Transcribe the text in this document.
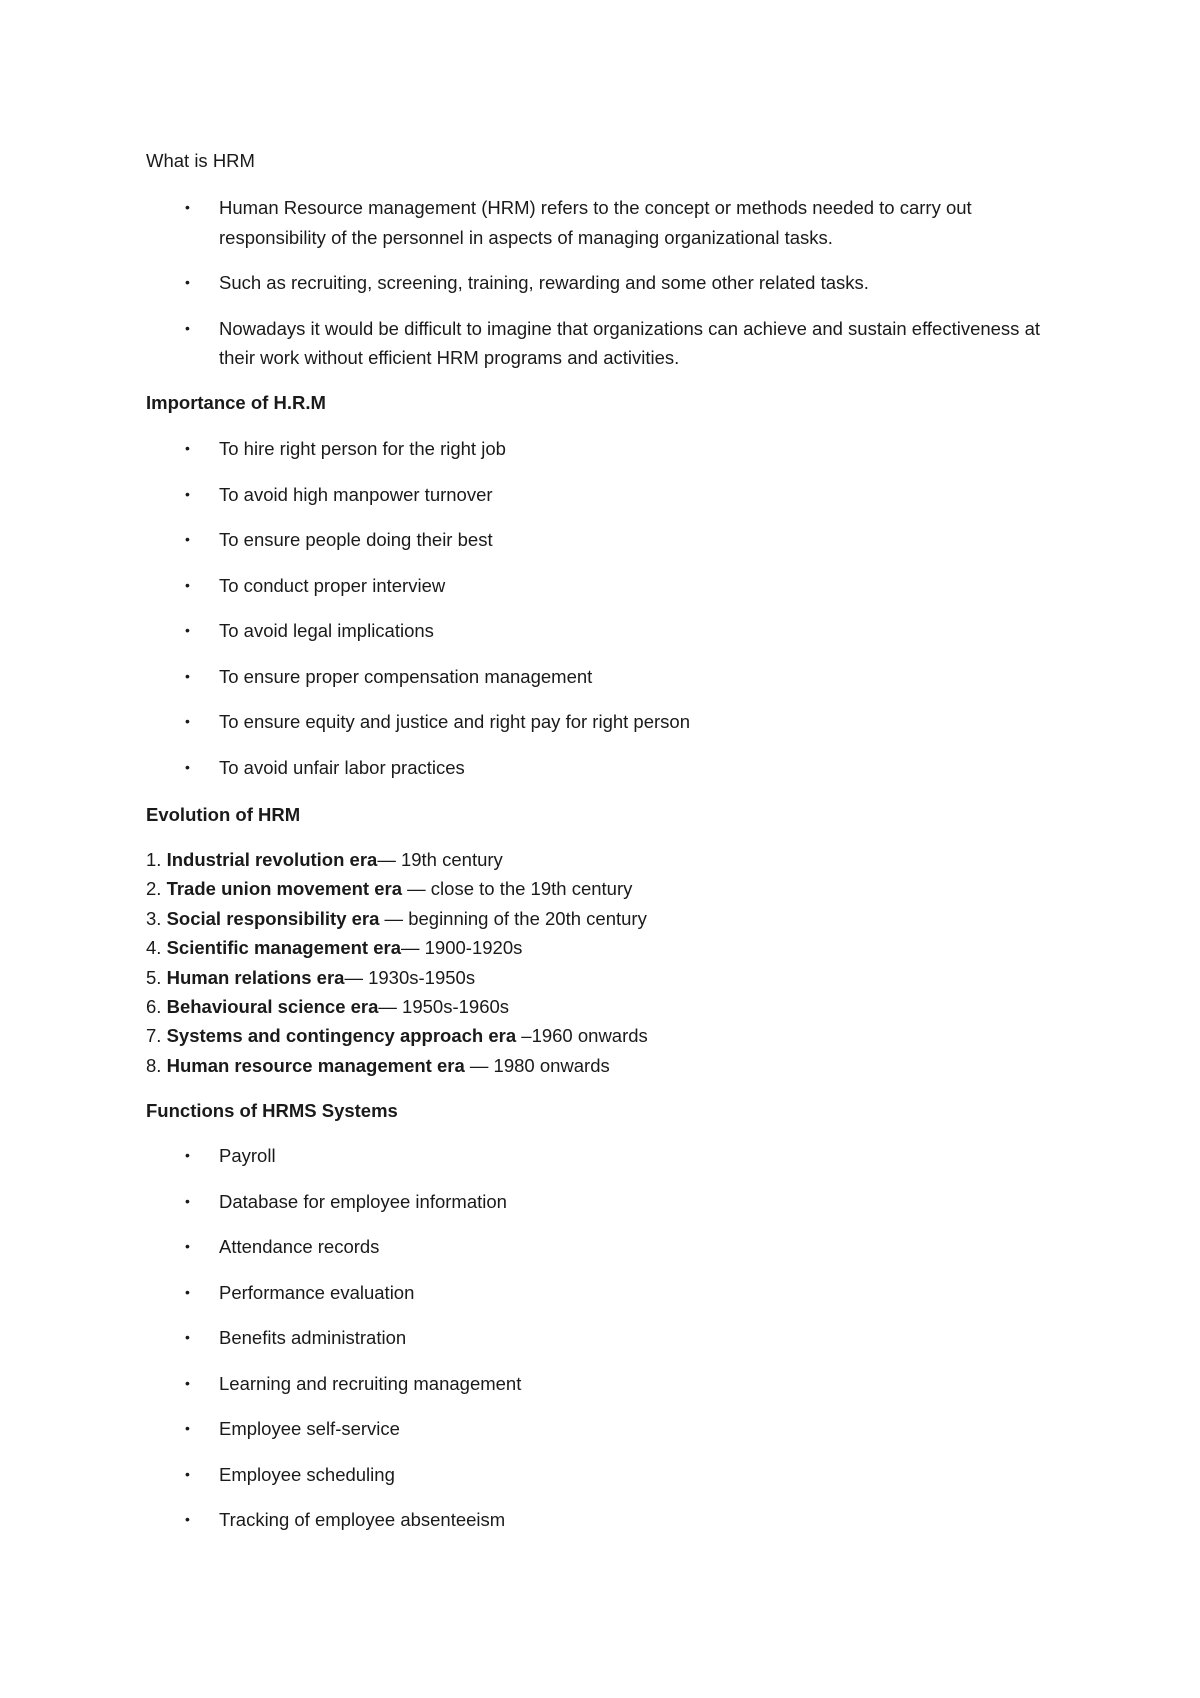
What is HRM

• Human Resource management (HRM) refers to the concept or methods needed to carry out responsibility of the personnel in aspects of managing organizational tasks.
• Such as recruiting, screening, training, rewarding and some other related tasks.
• Nowadays it would be difficult to imagine that organizations can achieve and sustain effectiveness at their work without efficient HRM programs and activities.

Importance of H.R.M

• To hire right person for the right job
• To avoid high manpower turnover
• To ensure people doing their best
• To conduct proper interview
• To avoid legal implications
• To ensure proper compensation management
• To ensure equity and justice and right pay for right person
• To avoid unfair labor practices

Evolution of HRM

1. Industrial revolution era— 19th century
2. Trade union movement era — close to the 19th century
3. Social responsibility era — beginning of the 20th century
4. Scientific management era— 1900-1920s
5. Human relations era— 1930s-1950s
6. Behavioural science era— 1950s-1960s
7. Systems and contingency approach era –1960 onwards
8. Human resource management era — 1980 onwards

Functions of HRMS Systems

• Payroll
• Database for employee information
• Attendance records
• Performance evaluation
• Benefits administration
• Learning and recruiting management
• Employee self-service
• Employee scheduling
• Tracking of employee absenteeism
